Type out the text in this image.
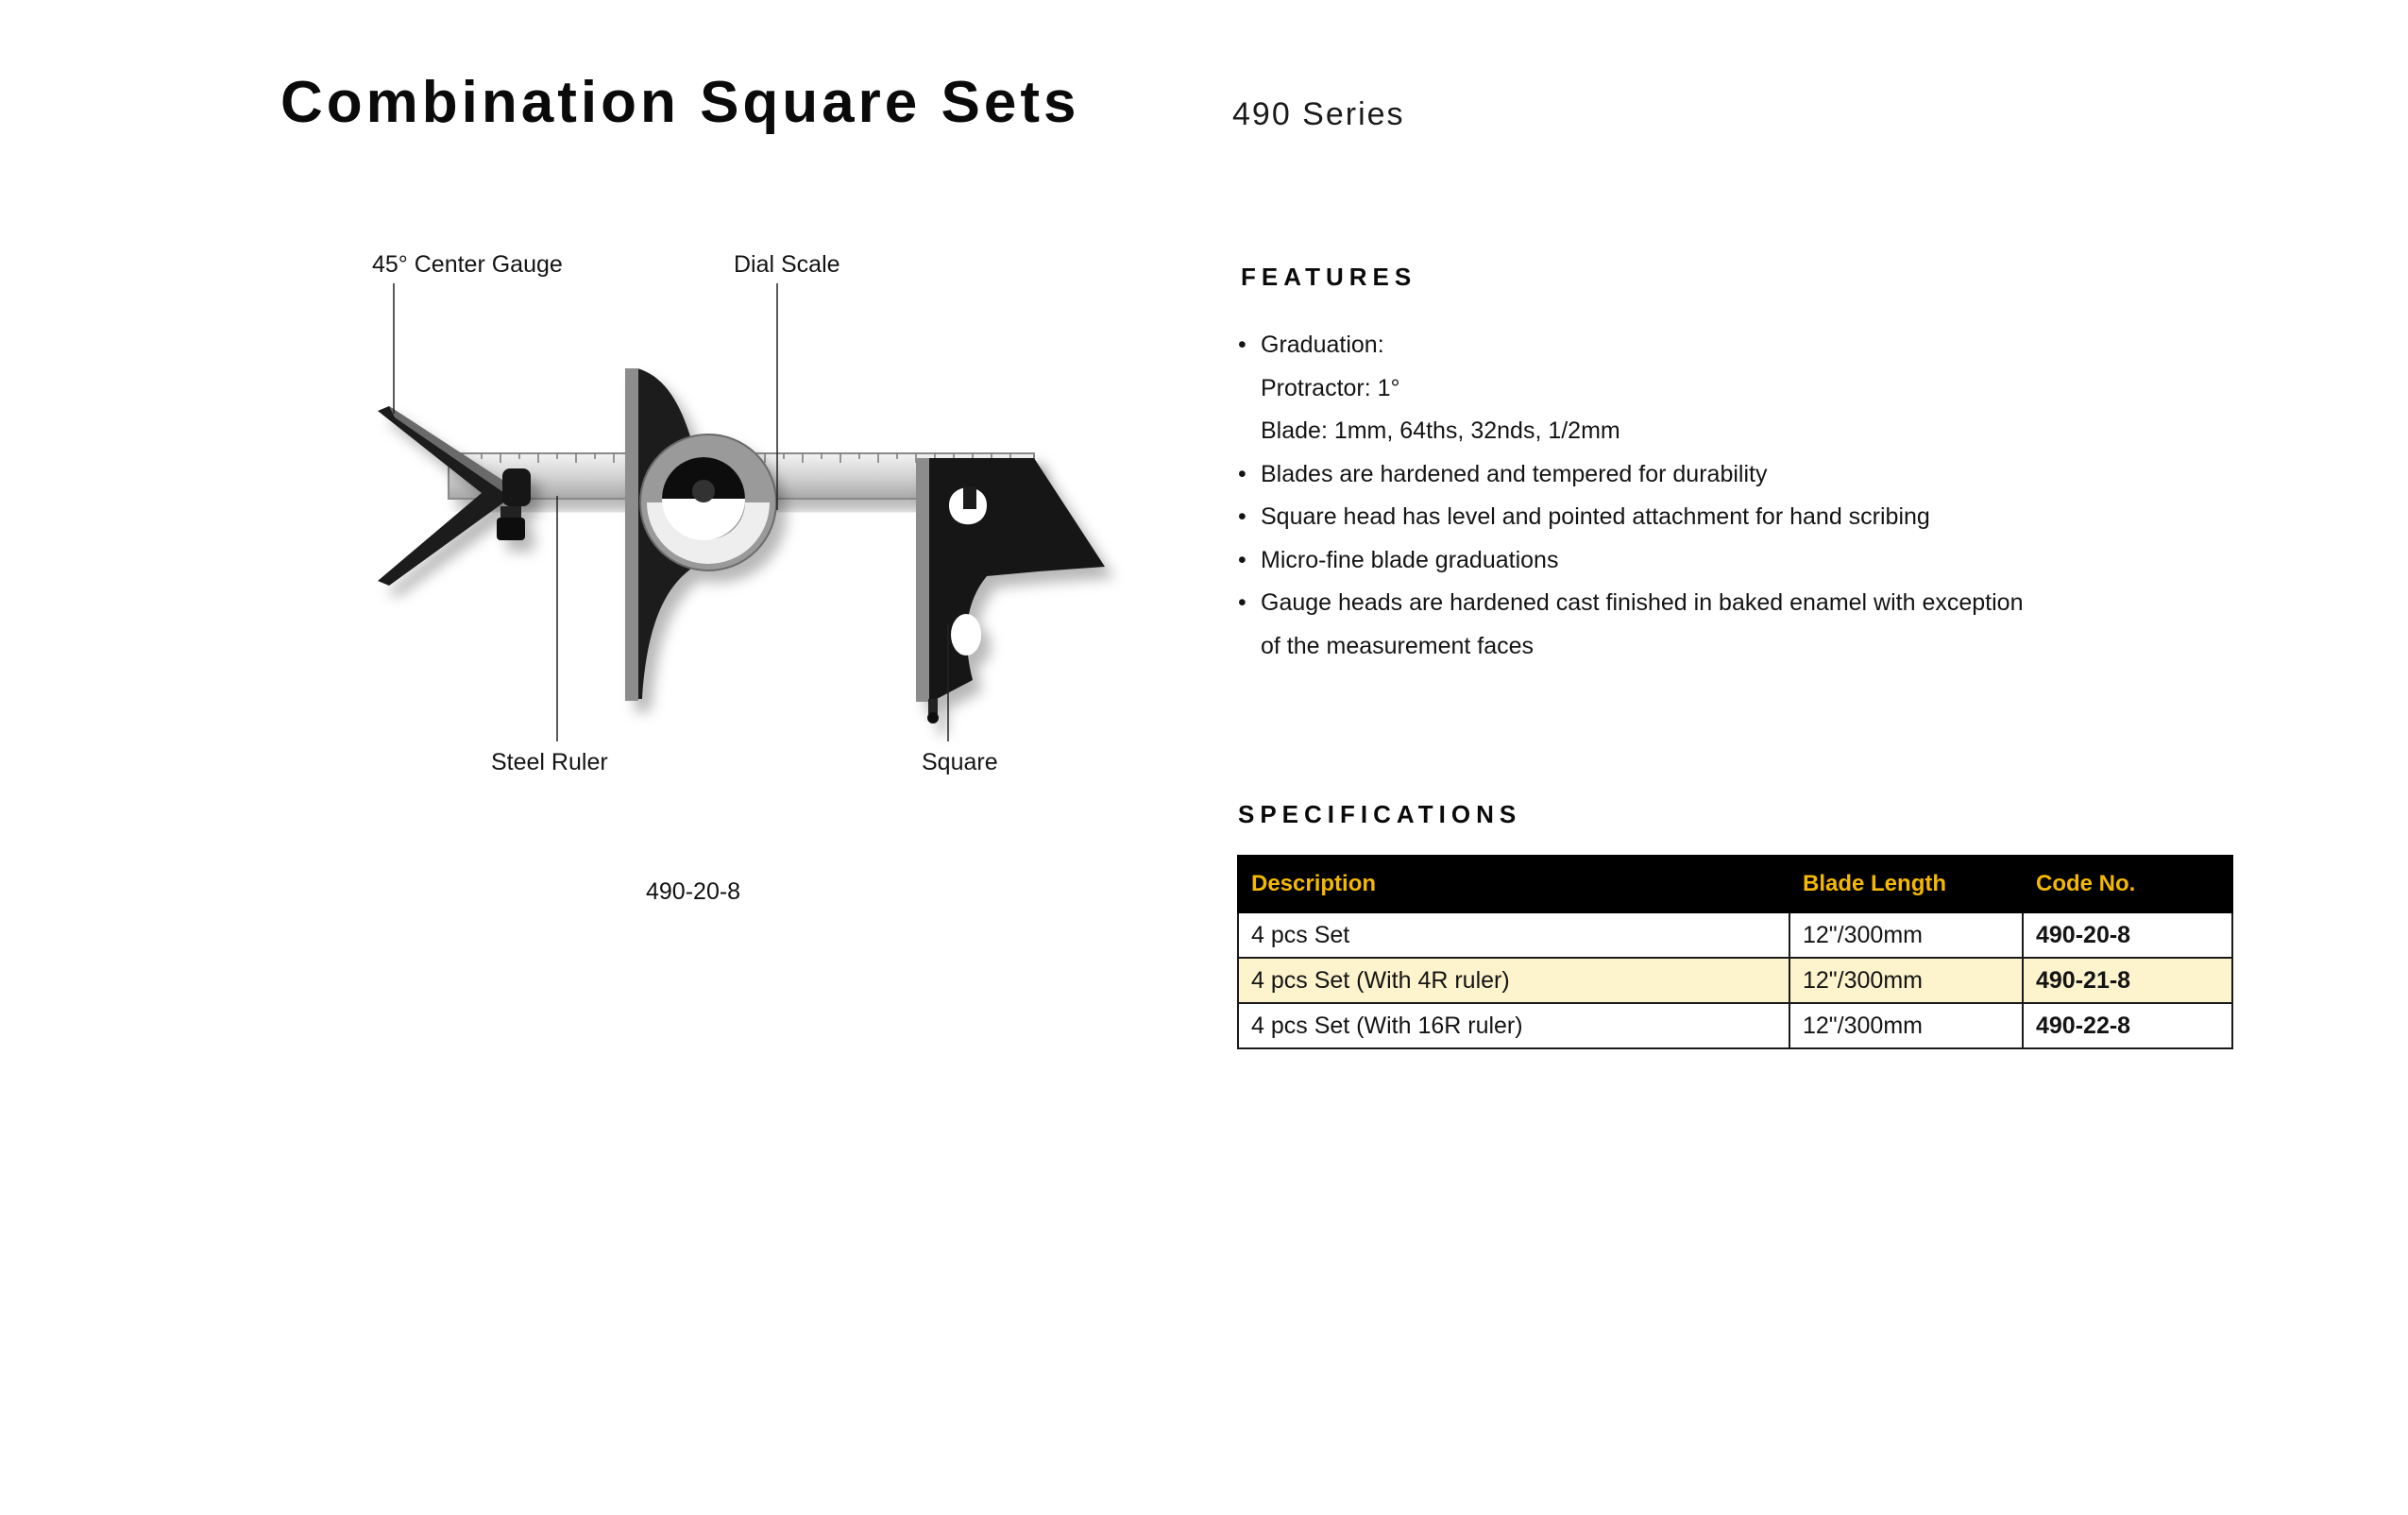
Combination Square Sets	490 Series
45° Center Gauge	Dial Scale
Steel Ruler	Square
490-20-8
FEATURES
• Graduation:
Protractor: 1°
Blade: 1mm, 64ths, 32nds, 1/2mm
• Blades are hardened and tempered for durability
• Square head has level and pointed attachment for hand scribing
• Micro-fine blade graduations
• Gauge heads are hardened cast finished in baked enamel with exception
of the measurement faces
SPECIFICATIONS
Description	Blade Length	Code No.
4 pcs Set	12"/300mm	490-20-8
4 pcs Set (With 4R ruler)	12"/300mm	490-21-8
4 pcs Set (With 16R ruler)	12"/300mm	490-22-8
